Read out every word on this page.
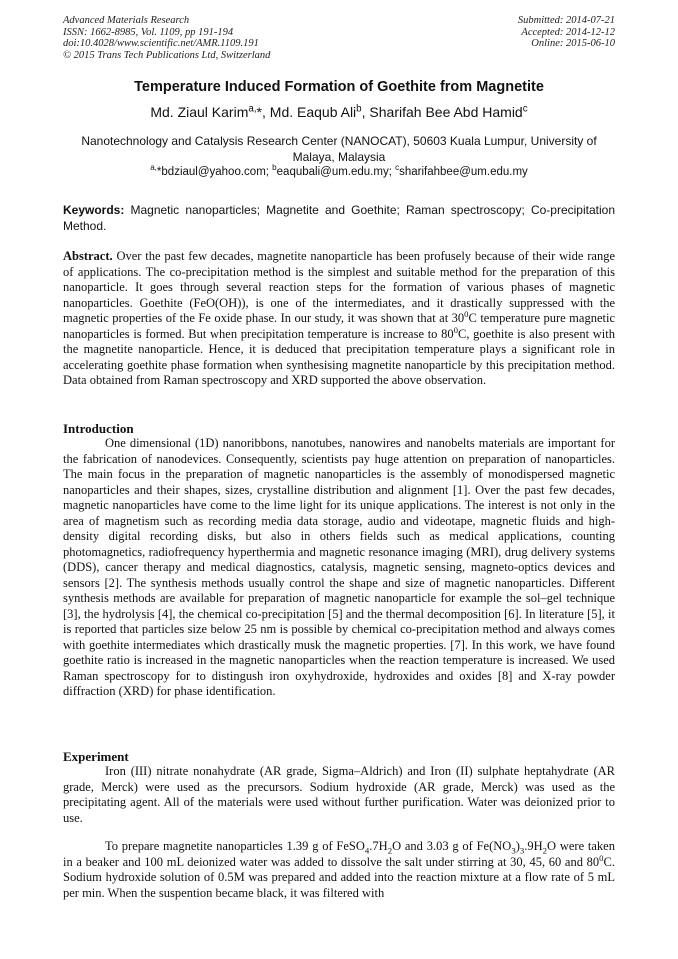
Advanced Materials Research
ISSN: 1662-8985, Vol. 1109, pp 191-194
doi:10.4028/www.scientific.net/AMR.1109.191
© 2015 Trans Tech Publications Ltd, Switzerland
Submitted: 2014-07-21
Accepted: 2014-12-12
Online: 2015-06-10
Temperature Induced Formation of Goethite from Magnetite
Md. Ziaul Karim$^{a,}$*, Md. Eaqub Ali$^b$, Sharifah Bee Abd Hamid$^c$
Nanotechnology and Catalysis Research Center (NANOCAT), 50603 Kuala Lumpur, University of Malaya, Malaysia
$^{a,}$*bdziaul@yahoo.com; $^b$eaqubali@um.edu.my; $^c$sharifahbee@um.edu.my
Keywords: Magnetic nanoparticles; Magnetite and Goethite; Raman spectroscopy; Co-precipitation Method.

Abstract. Over the past few decades, magnetite nanoparticle has been profusely because of their wide range of applications. The co-precipitation method is the simplest and suitable method for the preparation of this nanoparticle. It goes through several reaction steps for the formation of various phases of magnetic nanoparticles. Goethite (FeO(OH)), is one of the intermediates, and it drastically suppressed with the magnetic properties of the Fe oxide phase. In our study, it was shown that at $30^0C$ temperature pure magnetic nanoparticles is formed. But when precipitation temperature is increase to $80^0C$, goethite is also present with the magnetite nanoparticle. Hence, it is deduced that precipitation temperature plays a significant role in accelerating goethite phase formation when synthesising magnetite nanoparticle by this precipitation method. Data obtained from Raman spectroscopy and XRD supported the above observation.

Introduction

One dimensional (1D) nanoribbons, nanotubes, nanowires and nanobelts materials are important for the fabrication of nanodevices. Consequently, scientists pay huge attention on preparation of nanoparticles. The main focus in the preparation of magnetic nanoparticles is the assembly of monodispersed magnetic nanoparticles and their shapes, sizes, crystalline distribution and alignment [1]. Over the past few decades, magnetic nanoparticles have come to the lime light for its unique applications. The interest is not only in the area of magnetism such as recording media data storage, audio and videotape, magnetic fluids and high-density digital recording disks, but also in others fields such as medical applications, counting photomagnetics, radiofrequency hyperthermia and magnetic resonance imaging (MRI), drug delivery systems (DDS), cancer therapy and medical diagnostics, catalysis, magnetic sensing, magneto-optics devices and sensors [2]. The synthesis methods usually control the shape and size of magnetic nanoparticles. Different synthesis methods are available for preparation of magnetic nanoparticle for example the sol–gel technique [3], the hydrolysis [4], the chemical co-precipitation [5] and the thermal decomposition [6]. In literature [5], it is reported that particles size below 25 nm is possible by chemical co-precipitation method and always comes with goethite intermediates which drastically musk the magnetic properties. [7]. In this work, we have found goethite ratio is increased in the magnetic nanoparticles when the reaction temperature is increased. We used Raman spectroscopy for to distingush iron oxyhydroxide, hydroxides and oxides [8] and X-ray powder diffraction (XRD) for phase identification.

Experiment

Iron (III) nitrate nonahydrate (AR grade, Sigma–Aldrich) and Iron (II) sulphate heptahydrate (AR grade, Merck) were used as the precursors. Sodium hydroxide (AR grade, Merck) was used as the precipitating agent. All of the materials were used without further purification. Water was deionized prior to use.

To prepare magnetite nanoparticles 1.39 g of $FeSO_4.7H_2O$ and 3.03 g of $Fe(NO_3)_3.9H_2O$ were taken in a beaker and 100 mL deionized water was added to dissolve the salt under stirring at 30, 45, 60 and $80^0C$. Sodium hydroxide solution of 0.5M was prepared and added into the reaction mixture at a flow rate of 5 mL per min. When the suspention became black, it was filtered with
